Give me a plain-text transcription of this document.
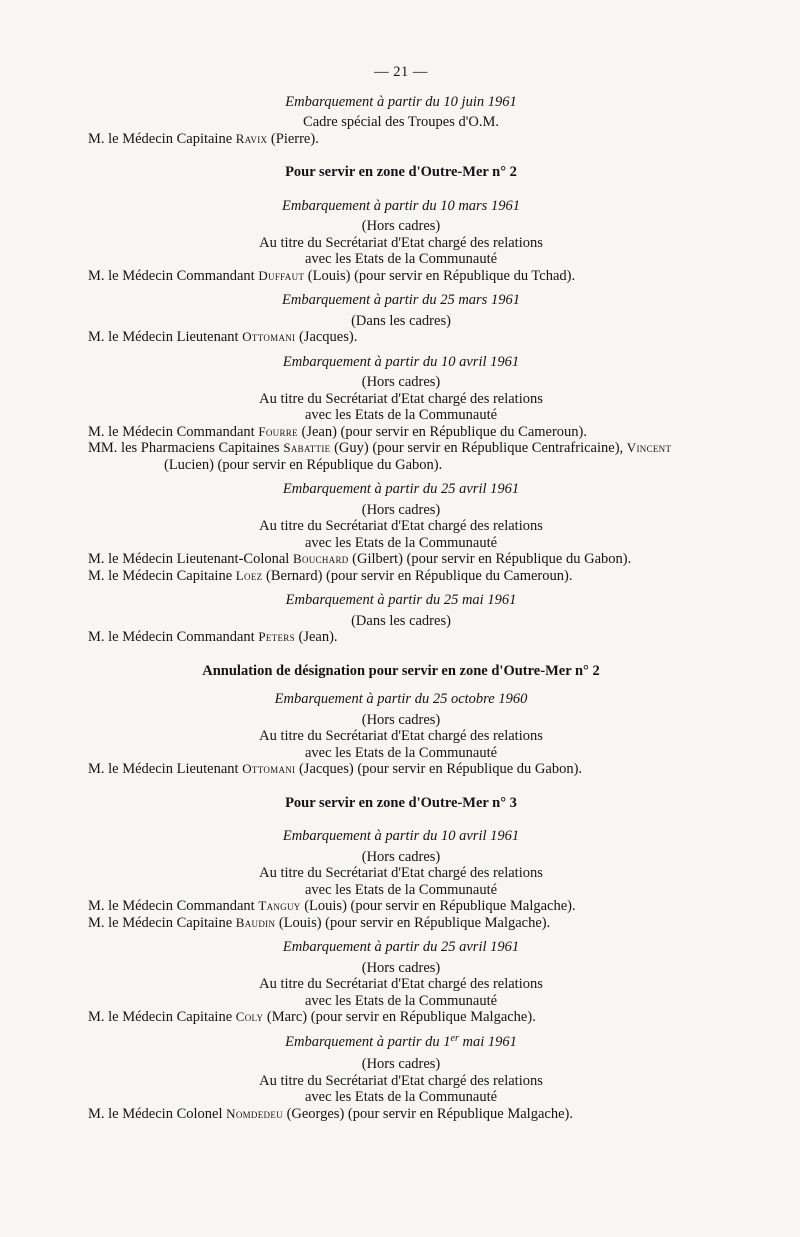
— 21 —
Embarquement à partir du 10 juin 1961
Cadre spécial des Troupes d'O.M.
M. le Médecin Capitaine Ravix (Pierre).
Pour servir en zone d'Outre-Mer n° 2
Embarquement à partir du 10 mars 1961
(Hors cadres)
Au titre du Secrétariat d'Etat chargé des relations
avec les Etats de la Communauté
M. le Médecin Commandant Duffaut (Louis) (pour servir en République du Tchad).
Embarquement à partir du 25 mars 1961
(Dans les cadres)
M. le Médecin Lieutenant Ottomani (Jacques).
Embarquement à partir du 10 avril 1961
(Hors cadres)
Au titre du Secrétariat d'Etat chargé des relations
avec les Etats de la Communauté
M. le Médecin Commandant Fourre (Jean) (pour servir en République du Cameroun).
MM. les Pharmaciens Capitaines Sabattie (Guy) (pour servir en République Centrafricaine), Vincent (Lucien) (pour servir en République du Gabon).
Embarquement à partir du 25 avril 1961
(Hors cadres)
Au titre du Secrétariat d'Etat chargé des relations
avec les Etats de la Communauté
M. le Médecin Lieutenant-Colonal Bouchard (Gilbert) (pour servir en République du Gabon).
M. le Médecin Capitaine Loez (Bernard) (pour servir en République du Cameroun).
Embarquement à partir du 25 mai 1961
(Dans les cadres)
M. le Médecin Commandant Peters (Jean).
Annulation de désignation pour servir en zone d'Outre-Mer n° 2
Embarquement à partir du 25 octobre 1960
(Hors cadres)
Au titre du Secrétariat d'Etat chargé des relations
avec les Etats de la Communauté
M. le Médecin Lieutenant Ottomani (Jacques) (pour servir en République du Gabon).
Pour servir en zone d'Outre-Mer n° 3
Embarquement à partir du 10 avril 1961
(Hors cadres)
Au titre du Secrétariat d'Etat chargé des relations
avec les Etats de la Communauté
M. le Médecin Commandant Tanguy (Louis) (pour servir en République Malgache).
M. le Médecin Capitaine Baudin (Louis) (pour servir en République Malgache).
Embarquement à partir du 25 avril 1961
(Hors cadres)
Au titre du Secrétariat d'Etat chargé des relations
avec les Etats de la Communauté
M. le Médecin Capitaine Coly (Marc) (pour servir en République Malgache).
Embarquement à partir du 1er mai 1961
(Hors cadres)
Au titre du Secrétariat d'Etat chargé des relations
avec les Etats de la Communauté
M. le Médecin Colonel Nomdedeu (Georges) (pour servir en République Malgache).
